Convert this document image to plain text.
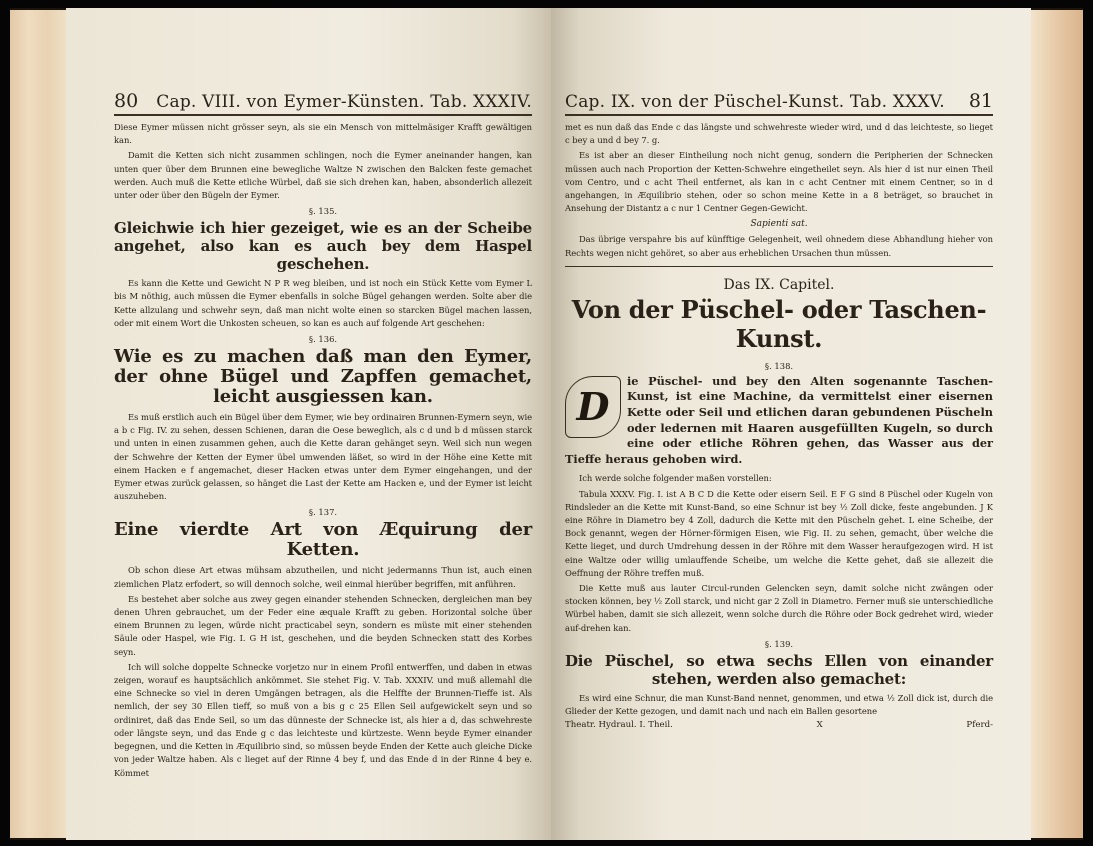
80 Cap. VIII. von Eymer-Künsten. Tab. XXXIV.

Diese Eymer müssen nicht grösser seyn, als sie ein Mensch von mittelmäsiger Krafft gewältigen kan.

Damit die Ketten sich nicht zusammen schlingen, noch die Eymer aneinander hangen, kan unten quer über dem Brunnen eine bewegliche Waltze N zwischen den Balcken feste gemachet werden. Auch muß die Kette etliche Würbel, daß sie sich drehen kan, haben, absonderlich allezeit unter oder über den Bügeln der Eymer.

§. 135.
Gleichwie ich hier gezeiget, wie es an der Scheibe angehet, also kan es auch bey dem Haspel geschehen.

Es kann die Kette und Gewicht N P R weg bleiben, und ist noch ein Stück Kette vom Eymer L bis M nöthig, auch müssen die Eymer ebenfalls in solche Bügel gehangen werden. Solte aber die Kette allzulang und schwehr seyn, daß man nicht wolte einen so starcken Bügel machen lassen, oder mit einem Wort die Unkosten scheuen, so kan es auch auf folgende Art geschehen:

§. 136.
Wie es zu machen daß man den Eymer, der ohne Bügel und Zapffen gemachet, leicht ausgiessen kan.

Es muß erstlich auch ein Bügel über dem Eymer, wie bey ordinairen Brunnen-Eymern seyn, wie a b c Fig. IV. zu sehen, dessen Schienen, daran die Oese beweglich, als c d und b d müssen starck und unten in einen zusammen gehen, auch die Kette daran gehänget seyn. Weil sich nun wegen der Schwehre der Ketten der Eymer übel umwenden läßet, so wird in der Höhe eine Kette mit einem Hacken e f angemachet, dieser Hacken etwas unter dem Eymer eingehangen, und der Eymer etwas zurück gelassen, so hänget die Last der Kette am Hacken e, und der Eymer ist leicht auszuheben.

§. 137.
Eine vierdte Art von Æquirung der Ketten.

Ob schon diese Art etwas mühsam abzutheilen, und nicht jedermanns Thun ist, auch einen ziemlichen Platz erfodert, so will dennoch solche, weil einmal hierüber begriffen, mit anführen.

Es bestehet aber solche aus zwey gegen einander stehenden Schnecken, dergleichen man bey denen Uhren gebrauchet, um der Feder eine æquale Krafft zu geben. Horizontal solche über einem Brunnen zu legen, würde nicht practicabel seyn, sondern es müste mit einer stehenden Säule oder Haspel, wie Fig. I. G H ist, geschehen, und die beyden Schnecken statt des Korbes seyn.

Ich will solche doppelte Schnecke vorjetzo nur in einem Profil entwerffen, und daben in etwas zeigen, worauf es hauptsächlich ankömmet. Sie stehet Fig. V. Tab. XXXIV. und muß allemahl die eine Schnecke so viel in deren Umgängen betragen, als die Helffte der Brunnen-Tieffe ist. Als nemlich, der sey 30 Ellen tieff, so muß von a bis g c 25 Ellen Seil aufgewickelt seyn und so ordiniret, daß das Ende Seil, so um das dünneste der Schnecke ist, als hier a d, das schwehreste oder längste seyn, und das Ende g c das leichteste und kürtzeste. Wenn beyde Eymer einander begegnen, und die Ketten in Æquilibrio sind, so müssen beyde Enden der Kette auch gleiche Dicke von jeder Waltze haben. Als c lieget auf der Rinne 4 bey f, und das Ende d in der Rinne 4 bey e. Kömmet

Cap. IX. von der Püschel-Kunst. Tab. XXXV. 81

met es nun daß das Ende c das längste und schwehreste wieder wird, und d das leichteste, so lieget c bey a und d bey 7. g.

Es ist aber an dieser Eintheilung noch nicht genug, sondern die Peripherien der Schnecken müssen auch nach Proportion der Ketten-Schwehre eingetheilet seyn. Als hier d ist nur einen Theil vom Centro, und c acht Theil entfernet, als kan in c acht Centner mit einem Centner, so in d angehangen, in Æquilibrio stehen, oder so schon meine Kette in a 8 beträget, so brauchet in Ansehung der Distantz a c nur 1 Centner Gegen-Gewicht.

Sapienti sat.

Das übrige verspahre bis auf künfftige Gelegenheit, weil ohnedem diese Abhandlung hieher von Rechts wegen nicht gehöret, so aber aus erheblichen Ursachen thun müssen.

Das IX. Capitel.
Von der Püschel- oder Taschen-Kunst.
§. 138.
D
ie Püschel- und bey den Alten sogenannte Taschen-Kunst, ist eine Machine, da vermittelst einer eisernen Kette oder Seil und etlichen daran gebundenen Püscheln oder ledernen mit Haaren ausgefüllten Kugeln, so durch eine oder etliche Röhren gehen, das Wasser aus der Tieffe heraus gehoben wird.

Ich werde solche folgender maßen vorstellen:

Tabula XXXV. Fig. I. ist A B C D die Kette oder eisern Seil. E F G sind 8 Püschel oder Kugeln von Rindsleder an die Kette mit Kunst-Band, so eine Schnur ist bey ½ Zoll dicke, feste angebunden. J K eine Röhre in Diametro bey 4 Zoll, dadurch die Kette mit den Püscheln gehet. L eine Scheibe, der Bock genannt, wegen der Hörner-förmigen Eisen, wie Fig. II. zu sehen, gemacht, über welche die Kette lieget, und durch Umdrehung dessen in der Röhre mit dem Wasser heraufgezogen wird. H ist eine Waltze oder willig umlauffende Scheibe, um welche die Kette gehet, daß sie allezeit die Oeffnung der Röhre treffen muß.

Die Kette muß aus lauter Circul-runden Gelencken seyn, damit solche nicht zwängen oder stocken können, bey ½ Zoll starck, und nicht gar 2 Zoll in Diametro. Ferner muß sie unterschiedliche Würbel haben, damit sie sich allezeit, wenn solche durch die Röhre oder Bock gedrehet wird, wieder auf-drehen kan.

§. 139.
Die Püschel, so etwa sechs Ellen von einander stehen, werden also gemachet:

Es wird eine Schnur, die man Kunst-Band nennet, genommen, und etwa ½ Zoll dick ist, durch die Glieder der Kette gezogen, und damit nach und nach ein Ballen gesortene

Theatr. Hydraul. I. Theil.	X	Pferd-
